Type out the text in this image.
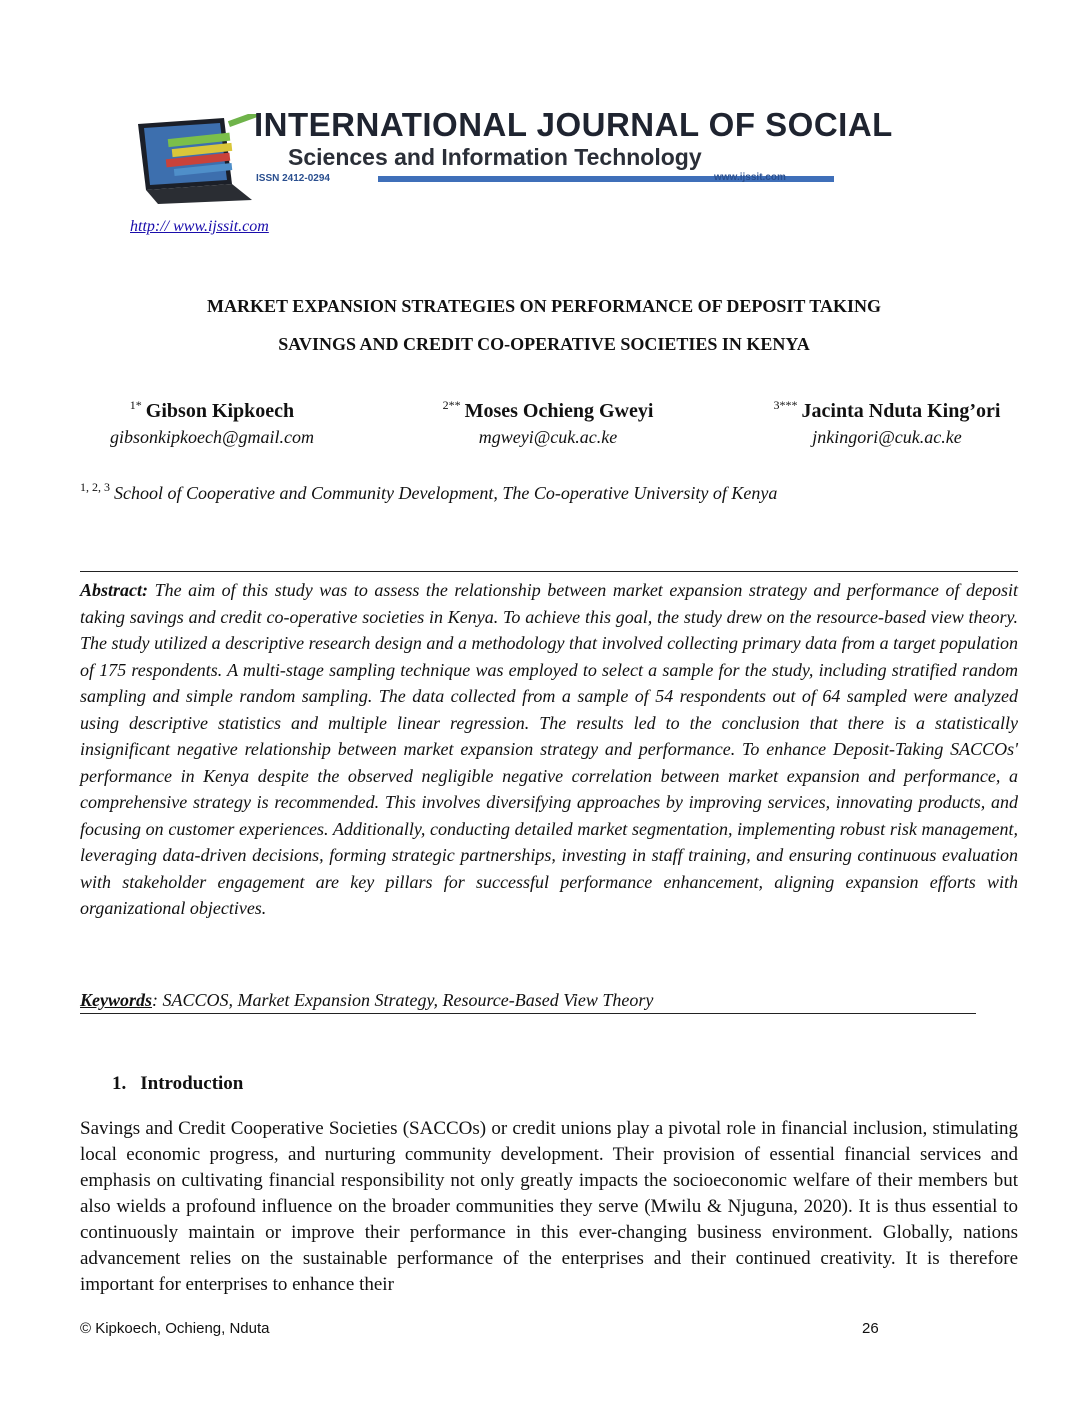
INTERNATIONAL JOURNAL OF SOCIAL
Sciences and Information Technology
ISSN 2412-0294	www.ijssit.com
http:// www.ijssit.com
MARKET EXPANSION STRATEGIES ON PERFORMANCE OF DEPOSIT TAKING
SAVINGS AND CREDIT CO-OPERATIVE SOCIETIES IN KENYA
$^{1*}$ Gibson Kipkoech
gibsonkipkoech@gmail.com
$^{2**}$ Moses Ochieng Gweyi
mgweyi@cuk.ac.ke
$^{3***}$ Jacinta Nduta King’ori
jnkingori@cuk.ac.ke
$^{1, 2, 3}$ School of Cooperative and Community Development, The Co-operative University of Kenya
Abstract: The aim of this study was to assess the relationship between market expansion strategy and performance of deposit taking savings and credit co-operative societies in Kenya. To achieve this goal, the study drew on the resource-based view theory. The study utilized a descriptive research design and a methodology that involved collecting primary data from a target population of 175 respondents. A multi-stage sampling technique was employed to select a sample for the study, including stratified random sampling and simple random sampling. The data collected from a sample of 54 respondents out of 64 sampled were analyzed using descriptive statistics and multiple linear regression. The results led to the conclusion that there is a statistically insignificant negative relationship between market expansion strategy and performance. To enhance Deposit-Taking SACCOs' performance in Kenya despite the observed negligible negative correlation between market expansion and performance, a comprehensive strategy is recommended. This involves diversifying approaches by improving services, innovating products, and focusing on customer experiences. Additionally, conducting detailed market segmentation, implementing robust risk management, leveraging data-driven decisions, forming strategic partnerships, investing in staff training, and ensuring continuous evaluation with stakeholder engagement are key pillars for successful performance enhancement, aligning expansion efforts with organizational objectives.
Keywords: SACCOS, Market Expansion Strategy, Resource-Based View Theory
1. Introduction
Savings and Credit Cooperative Societies (SACCOs) or credit unions play a pivotal role in financial inclusion, stimulating local economic progress, and nurturing community development. Their provision of essential financial services and emphasis on cultivating financial responsibility not only greatly impacts the socioeconomic welfare of their members but also wields a profound influence on the broader communities they serve (Mwilu & Njuguna, 2020). It is thus essential to continuously maintain or improve their performance in this ever-changing business environment. Globally, nations advancement relies on the sustainable performance of the enterprises and their continued creativity. It is therefore important for enterprises to enhance their
© Kipkoech, Ochieng, Nduta	26
